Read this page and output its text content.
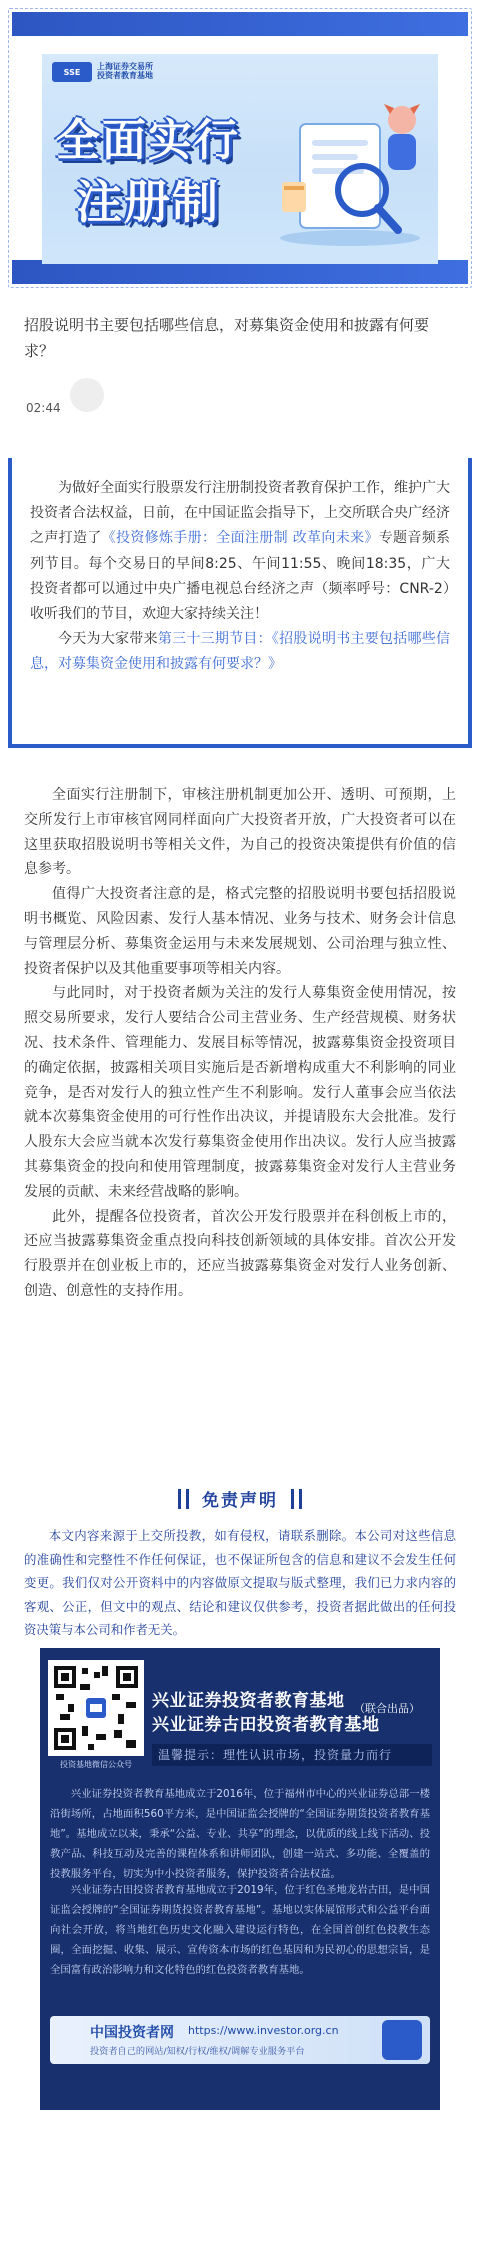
SSE
上海证券交易所
投资者教育基地
全面实行
注册制
招股说明书主要包括哪些信息，对募集资金使用和披露有何要求？
02:44

为做好全面实行股票发行注册制投资者教育保护工作，维护广大投资者合法权益，日前，在中国证监会指导下，上交所联合央广经济之声打造了《投资修炼手册：全面注册制 改革向未来》专题音频系列节目。每个交易日的早间8:25、午间11:55、晚间18:35，广大投资者都可以通过中央广播电视总台经济之声（频率呼号：CNR-2）收听我们的节目，欢迎大家持续关注！

今天为大家带来第三十三期节目：《招股说明书主要包括哪些信息，对募集资金使用和披露有何要求？》

全面实行注册制下，审核注册机制更加公开、透明、可预期，上交所发行上市审核官网同样面向广大投资者开放，广大投资者可以在这里获取招股说明书等相关文件，为自己的投资决策提供有价值的信息参考。

值得广大投资者注意的是，格式完整的招股说明书要包括招股说明书概览、风险因素、发行人基本情况、业务与技术、财务会计信息与管理层分析、募集资金运用与未来发展规划、公司治理与独立性、投资者保护以及其他重要事项等相关内容。

与此同时，对于投资者颇为关注的发行人募集资金使用情况，按照交易所要求，发行人要结合公司主营业务、生产经营规模、财务状况、技术条件、管理能力、发展目标等情况，披露募集资金投资项目的确定依据，披露相关项目实施后是否新增构成重大不利影响的同业竞争，是否对发行人的独立性产生不利影响。发行人董事会应当依法就本次募集资金使用的可行性作出决议，并提请股东大会批准。发行人股东大会应当就本次发行募集资金使用作出决议。发行人应当披露其募集资金的投向和使用管理制度，披露募集资金对发行人主营业务发展的贡献、未来经营战略的影响。

此外，提醒各位投资者，首次公开发行股票并在科创板上市的，还应当披露募集资金重点投向科技创新领域的具体安排。首次公开发行股票并在创业板上市的，还应当披露募集资金对发行人业务创新、创造、创意性的支持作用。

免责声明
本文内容来源于上交所投教，如有侵权，请联系删除。本公司对这些信息的准确性和完整性不作任何保证，也不保证所包含的信息和建议不会发生任何变更。我们仅对公开资料中的内容做原文提取与版式整理，我们已力求内容的客观、公正，但文中的观点、结论和建议仅供参考，投资者据此做出的任何投资决策与本公司和作者无关。
投资基地微信公众号
兴业证券投资者教育基地
兴业证券古田投资者教育基地
（联合出品）
温馨提示：理性认识市场，投资量力而行
兴业证券投资者教育基地成立于2016年，位于福州市中心的兴业证券总部一楼沿街场所，占地面积560平方米，是中国证监会授牌的“全国证券期货投资者教育基地”。基地成立以来，秉承“公益、专业、共享”的理念，以优质的线上线下活动、投教产品、科技互动及完善的课程体系和讲师团队，创建一站式、多功能、全覆盖的投教服务平台，切实为中小投资者服务，保护投资者合法权益。
兴业证券古田投资者教育基地成立于2019年，位于红色圣地龙岩古田，是中国证监会授牌的“全国证券期货投资者教育基地”。基地以实体展馆形式和公益平台面向社会开放，将当地红色历史文化融入建设运行特色，在全国首创红色投教生态圈，全面挖掘、收集、展示、宣传资本市场的红色基因和为民初心的思想宗旨，是全国富有政治影响力和文化特色的红色投资者教育基地。
中国投资者网 https://www.investor.org.cn
投资者自己的网站/知权/行权/维权/调解专业服务平台
